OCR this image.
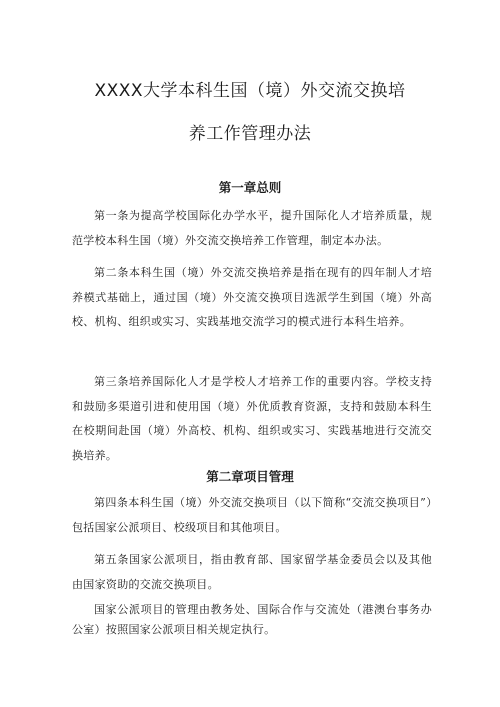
XXXX大学本科生国（境）外交流交换培
养工作管理办法
第一章总则

第一条为提高学校国际化办学水平，提升国际化人才培养质量，规范学校本科生国（境）外交流交换培养工作管理，制定本办法。

第二条本科生国（境）外交流交换培养是指在现有的四年制人才培养模式基础上，通过国（境）外交流交换项目选派学生到国（境）外高校、机构、组织或实习、实践基地交流学习的模式进行本科生培养。

第三条培养国际化人才是学校人才培养工作的重要内容。学校支持和鼓励多渠道引进和使用国（境）外优质教育资源，支持和鼓励本科生在校期间赴国（境）外高校、机构、组织或实习、实践基地进行交流交换培养。

第二章项目管理

第四条本科生国（境）外交流交换项目（以下简称“交流交换项目”）包括国家公派项目、校级项目和其他项目。

第五条国家公派项目，指由教育部、国家留学基金委员会以及其他由国家资助的交流交换项目。

国家公派项目的管理由教务处、国际合作与交流处（港澳台事务办公室）按照国家公派项目相关规定执行。
